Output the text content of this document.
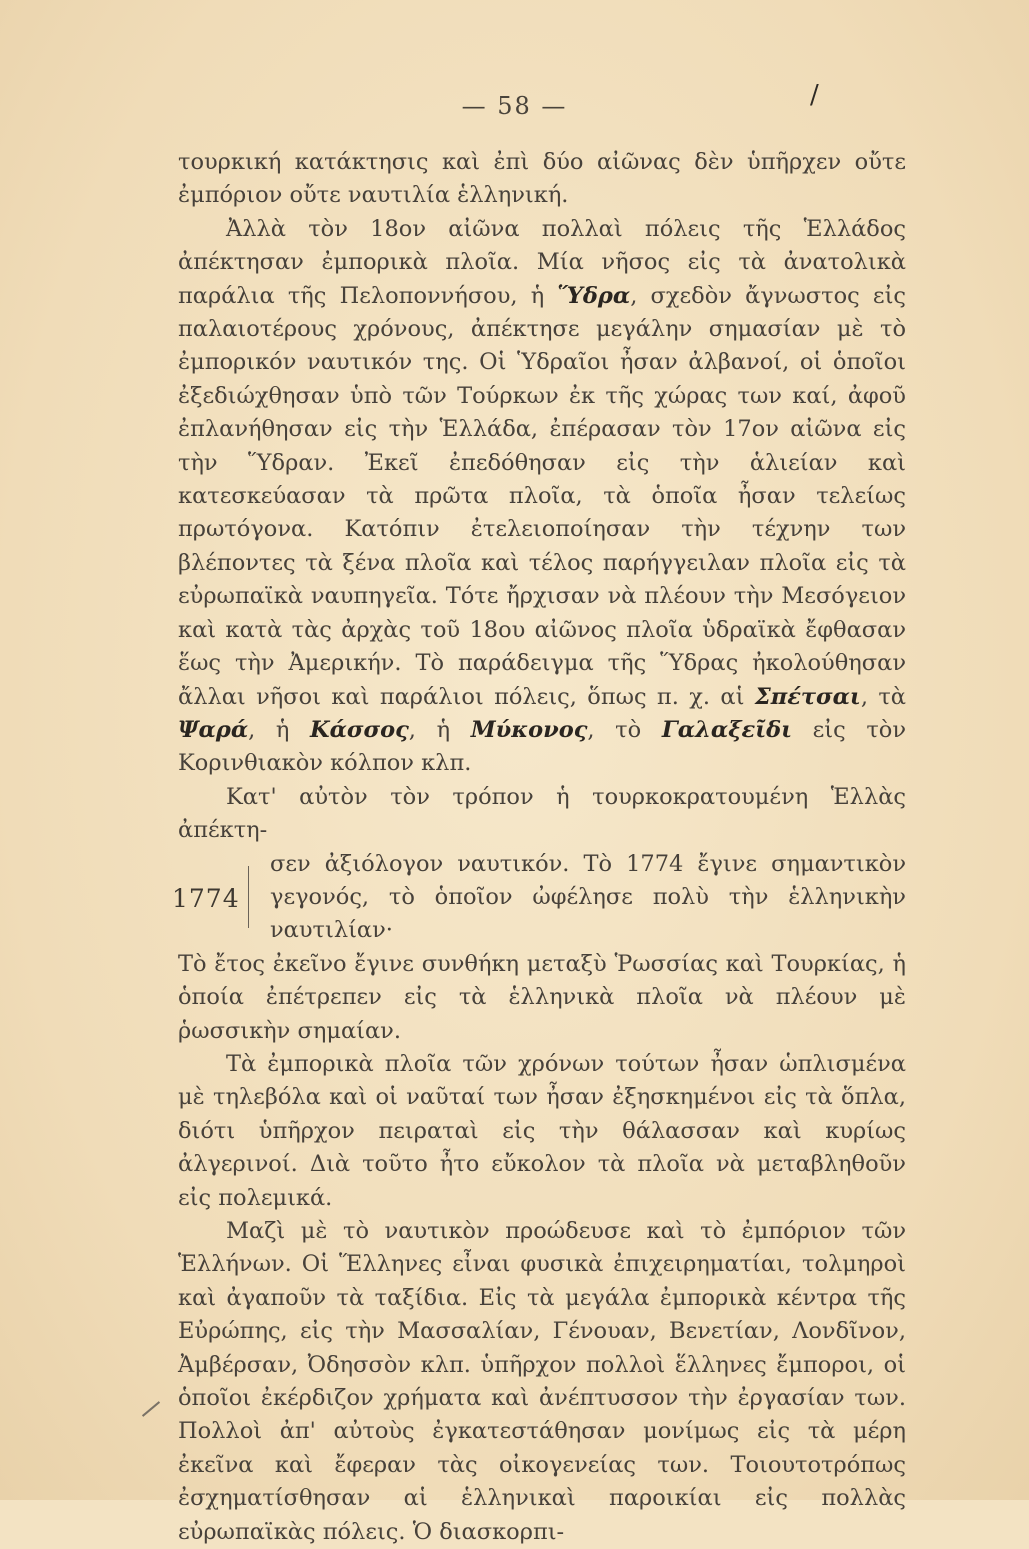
— 58 —	/

τουρκική κατάκτησις καὶ ἐπὶ δύο αἰῶνας δὲν ὑπῆρχεν οὔτε ἐμπόριον οὔτε ναυτιλία ἑλληνική.

Ἀλλὰ τὸν 18ον αἰῶνα πολλαὶ πόλεις τῆς Ἑλλάδος ἀπέκτησαν ἐμπορικὰ πλοῖα. Μία νῆσος εἰς τὰ ἀνατολικὰ παράλια τῆς Πελοποννήσου, ἡ Ὕδρα, σχεδὸν ἄγνωστος εἰς παλαιοτέρους χρόνους, ἀπέκτησε μεγάλην σημασίαν μὲ τὸ ἐμπορικόν ναυτικόν της. Οἱ Ὑδραῖοι ἦσαν ἀλβανοί, οἱ ὁποῖοι ἐξεδιώχθησαν ὑπὸ τῶν Τούρκων ἐκ τῆς χώρας των καί, ἀφοῦ ἐπλανήθησαν εἰς τὴν Ἑλλάδα, ἐπέρασαν τὸν 17ον αἰῶνα εἰς τὴν Ὕδραν. Ἐκεῖ ἐπεδόθησαν εἰς τὴν ἁλιείαν καὶ κατεσκεύασαν τὰ πρῶτα πλοῖα, τὰ ὁποῖα ἦσαν τελείως πρωτόγονα. Κατόπιν ἐτελειοποίησαν τὴν τέχνην των βλέποντες τὰ ξένα πλοῖα καὶ τέλος παρήγγειλαν πλοῖα εἰς τὰ εὐρωπαϊκὰ ναυπηγεῖα. Τότε ἤρχισαν νὰ πλέουν τὴν Μεσόγειον καὶ κατὰ τὰς ἀρχὰς τοῦ 18ου αἰῶνος πλοῖα ὑδραϊκὰ ἔφθασαν ἕως τὴν Ἀμερικήν. Τὸ παράδειγμα τῆς Ὕδρας ἠκολούθησαν ἄλλαι νῆσοι καὶ παράλιοι πόλεις, ὅπως π. χ. αἱ Σπέτσαι, τὰ Ψαρά, ἡ Κάσσος, ἡ Μύκονος, τὸ Γαλαξεῖδι εἰς τὸν Κορινθιακὸν κόλπον κλπ.

Κατ' αὐτὸν τὸν τρόπον ἡ τουρκοκρατουμένη Ἑλλὰς ἀπέκτη-

1774

σεν ἀξιόλογον ναυτικόν. Τὸ 1774 ἔγινε σημαντικὸν γεγονός, τὸ ὁποῖον ὠφέλησε πολὺ τὴν ἑλληνικὴν ναυτιλίαν·

Τὸ ἔτος ἐκεῖνο ἔγινε συνθήκη μεταξὺ Ῥωσσίας καὶ Τουρκίας, ἡ ὁποία ἐπέτρεπεν εἰς τὰ ἑλληνικὰ πλοῖα νὰ πλέουν μὲ ῥωσσικὴν σημαίαν.

Τὰ ἐμπορικὰ πλοῖα τῶν χρόνων τούτων ἦσαν ὡπλισμένα μὲ τηλεβόλα καὶ οἱ ναῦταί των ἦσαν ἐξησκημένοι εἰς τὰ ὅπλα, διότι ὑπῆρχον πειραταὶ εἰς τὴν θάλασσαν καὶ κυρίως ἀλγερινοί. Διὰ τοῦτο ἦτο εὔκολον τὰ πλοῖα νὰ μεταβληθοῦν εἰς πολεμικά.

Μαζὶ μὲ τὸ ναυτικὸν προώδευσε καὶ τὸ ἐμπόριον τῶν Ἑλλήνων. Οἱ Ἕλληνες εἶναι φυσικὰ ἐπιχειρηματίαι, τολμηροὶ καὶ ἀγαποῦν τὰ ταξίδια. Εἰς τὰ μεγάλα ἐμπορικὰ κέντρα τῆς Εὐρώπης, εἰς τὴν Μασσαλίαν, Γένουαν, Βενετίαν, Λονδῖνον, Ἀμβέρσαν, Ὀδησσὸν κλπ. ὑπῆρχον πολλοὶ ἕλληνες ἔμποροι, οἱ ὁποῖοι ἐκέρδιζον χρήματα καὶ ἀνέπτυσσον τὴν ἐργασίαν των. Πολλοὶ ἀπ' αὐτοὺς ἐγκατεστάθησαν μονίμως εἰς τὰ μέρη ἐκεῖνα καὶ ἔφεραν τὰς οἰκογενείας των. Τοιουτοτρόπως ἐσχηματίσθησαν αἱ ἑλληνικαὶ παροικίαι εἰς πολλὰς εὐρωπαϊκὰς πόλεις. Ὁ διασκορπι-
